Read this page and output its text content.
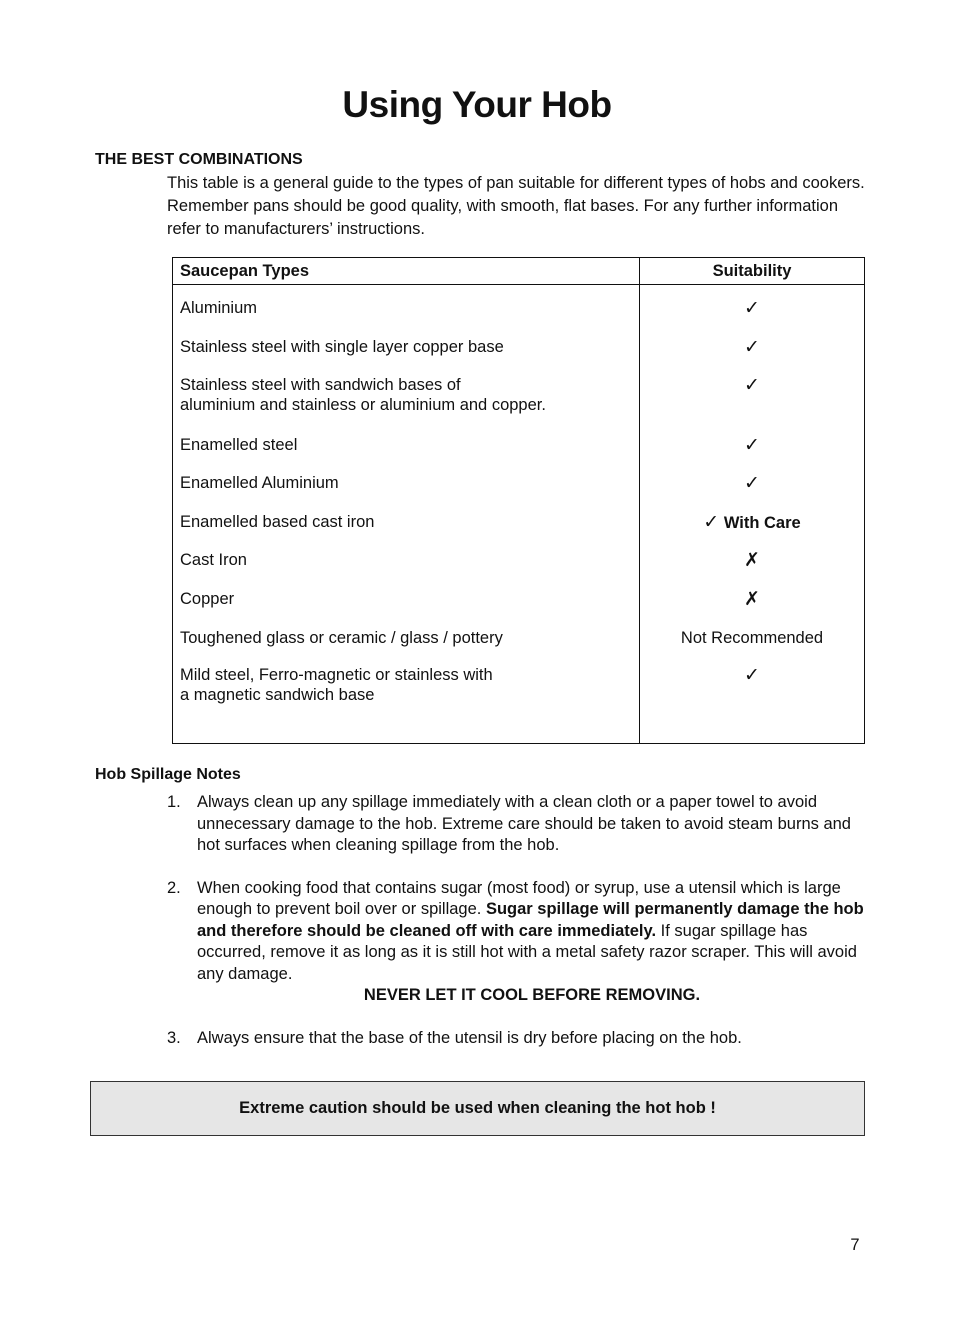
Using Your Hob
THE BEST COMBINATIONS

This table is a general guide to the types of pan suitable for different types of hobs and cookers. Remember pans should be good quality, with smooth, flat bases. For any further information refer to manufacturers’ instructions.

Saucepan Types	Suitability

Aluminium	✓

Stainless steel with single layer copper base	✓

Stainless steel with sandwich bases of
aluminium and stainless or aluminium and copper.	✓

Enamelled steel	✓

Enamelled Aluminium	✓

Enamelled based cast iron	✓ With Care

Cast Iron	✗

Copper	✗

Toughened glass or ceramic / glass / pottery	Not Recommended

Mild steel, Ferro-magnetic or stainless with
a magnetic sandwich base	✓

Hob Spillage Notes
1. Always clean up any spillage immediately with a clean cloth or a paper towel to avoid unnecessary damage to the hob. Extreme care should be taken to avoid steam burns and hot surfaces when cleaning spillage from the hob.
2. When cooking food that contains sugar (most food) or syrup, use a utensil which is large enough to prevent boil over or spillage. Sugar spillage will permanently damage the hob and therefore should be cleaned off with care immediately. If sugar spillage has occurred, remove it as long as it is still hot with a metal safety razor scraper. This will avoid any damage.
NEVER LET IT COOL BEFORE REMOVING.
3. Always ensure that the base of the utensil is dry before placing on the hob.
Extreme caution should be used when cleaning the hot hob !
7
